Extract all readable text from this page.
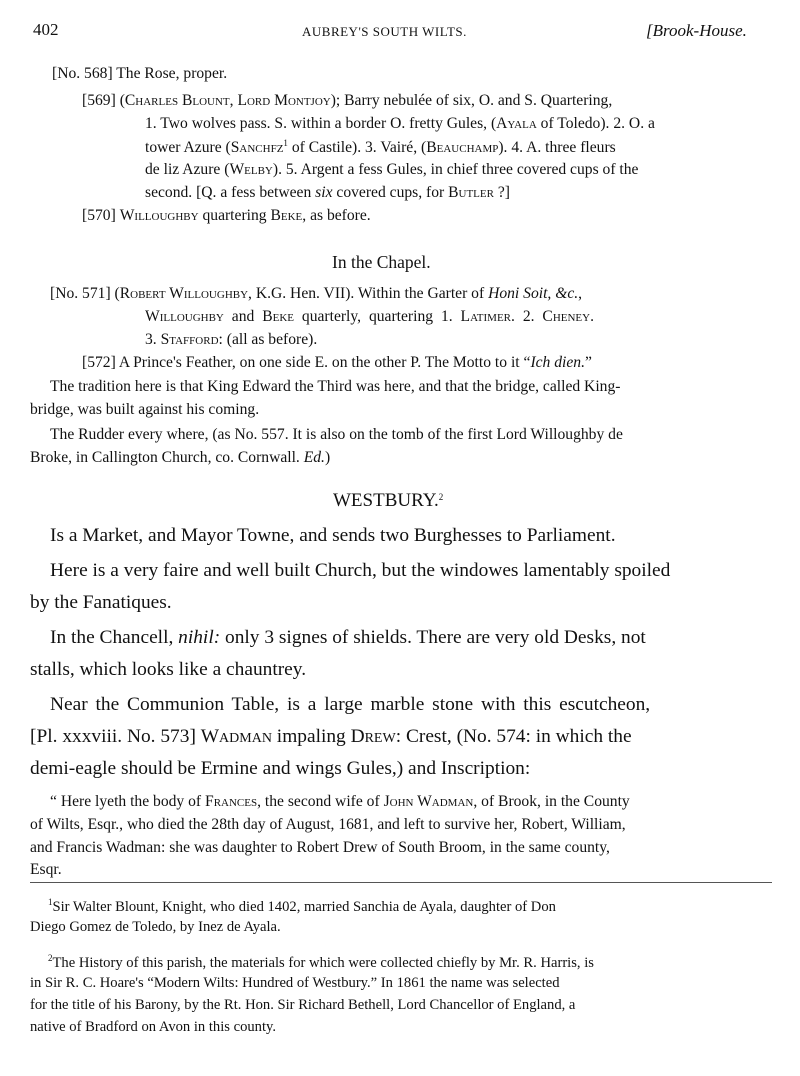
402	AUBREY'S SOUTH WILTS.	[Brook-House.
[No. 568] The Rose, proper.
[569] (Charles Blount, Lord Montjoy); Barry nebulée of six, O. and S. Quartering,
1. Two wolves pass. S. within a border O. fretty Gules, (Ayala of Toledo). 2. O. a
tower Azure (Sanchfz$^1$ of Castile). 3. Vairé, (Beauchamp). 4. A. three fleurs
de liz Azure (Welby). 5. Argent a fess Gules, in chief three covered cups of the
second. [Q. a fess between six covered cups, for Butler ?]
[570] Willoughby quartering Beke, as before.
In the Chapel.
[No. 571] (Robert Willoughby, K.G. Hen. VII). Within the Garter of Honi Soit, &c.,
Willoughby and Beke quarterly, quartering 1. Latimer. 2. Cheney.
3. Stafford: (all as before).
[572] A Prince's Feather, on one side E. on the other P. The Motto to it “Ich dien.”
The tradition here is that King Edward the Third was here, and that the bridge, called King-
bridge, was built against his coming.
The Rudder every where, (as No. 557. It is also on the tomb of the first Lord Willoughby de
Broke, in Callington Church, co. Cornwall. Ed.)
WESTBURY.$^2$
Is a Market, and Mayor Towne, and sends two Burghesses to Parliament.
Here is a very faire and well built Church, but the windowes lamentably spoiled
by the Fanatiques.
In the Chancell, nihil: only 3 signes of shields. There are very old Desks, not
stalls, which looks like a chauntrey.
Near the Communion Table, is a large marble stone with this escutcheon,
[Pl. xxxviii. No. 573] Wadman impaling Drew: Crest, (No. 574: in which the
demi-eagle should be Ermine and wings Gules,) and Inscription:
“ Here lyeth the body of Frances, the second wife of John Wadman, of Brook, in the County
of Wilts, Esqr., who died the 28th day of August, 1681, and left to survive her, Robert, William,
and Francis Wadman: she was daughter to Robert Drew of South Broom, in the same county,
Esqr.
$^1$Sir Walter Blount, Knight, who died 1402, married Sanchia de Ayala, daughter of Don
Diego Gomez de Toledo, by Inez de Ayala.
$^2$The History of this parish, the materials for which were collected chiefly by Mr. R. Harris, is
in Sir R. C. Hoare's “Modern Wilts: Hundred of Westbury.” In 1861 the name was selected
for the title of his Barony, by the Rt. Hon. Sir Richard Bethell, Lord Chancellor of England, a
native of Bradford on Avon in this county.
